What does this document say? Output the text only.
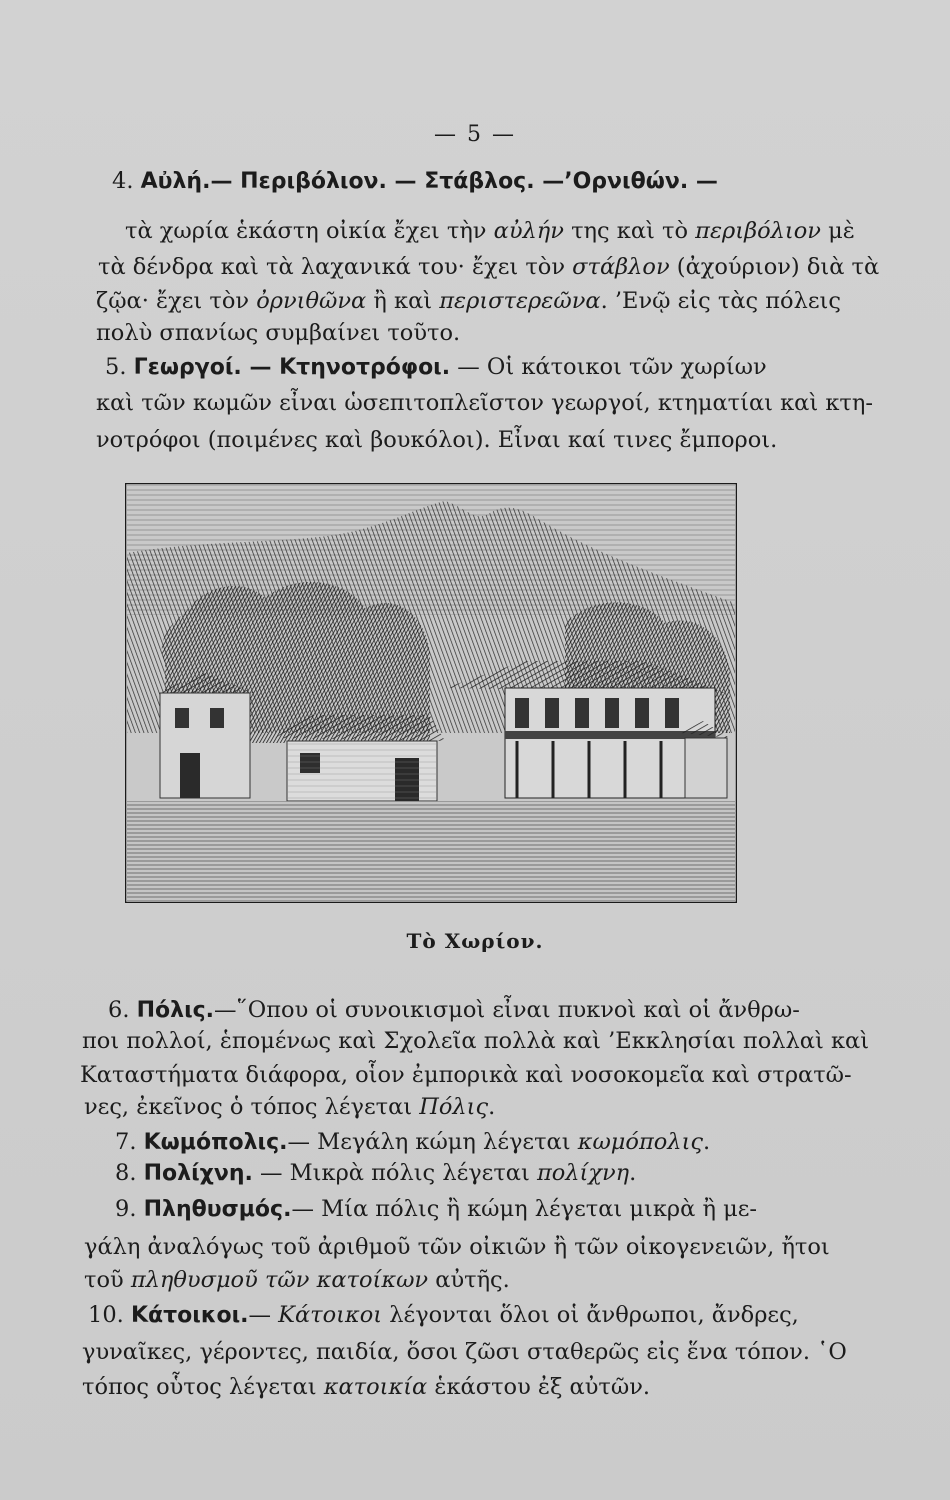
— 5 —
4. Αὐλή.— Περιβόλιον. — Στάβλος. —’Ορνιθών. —
τὰ χωρία ἑκάστη οἰκία ἔχει τὴν αὐλήν της καὶ τὸ περιβόλιον μὲ
τὰ δένδρα καὶ τὰ λαχανικά του· ἔχει τὸν στάβλον (ἀχούριον) διὰ τὰ
ζῷα· ἔχει τὸν ὀρνιθῶνα ἢ καὶ περιστερεῶνα. ’Ενῷ εἰς τὰς πόλεις
πολὺ σπανίως συμβαίνει τοῦτο.
5. Γεωργοί. — Κτηνοτρόφοι. — Οἱ κάτοικοι τῶν χωρίων
καὶ τῶν κωμῶν εἶναι ὡσεπιτοπλεῖστον γεωργοί, κτηματίαι καὶ κτη-
νοτρόφοι (ποιμένες καὶ βουκόλοι). Εἶναι καί τινες ἔμποροι.
Τὸ Χωρίον.
6. Πόλις.—῞Οπου οἱ συνοικισμοὶ εἶναι πυκνοὶ καὶ οἱ ἄνθρω-
ποι πολλοί, ἑπομένως καὶ Σχολεῖα πολλὰ καὶ ’Εκκλησίαι πολλαὶ καὶ
Καταστήματα διάφορα, οἷον ἐμπορικὰ καὶ νοσοκομεῖα καὶ στρατῶ-
νες, ἐκεῖνος ὁ τόπος λέγεται Πόλις.
7. Κωμόπολις.— Μεγάλη κώμη λέγεται κωμόπολις.
8. Πολίχνη. — Μικρὰ πόλις λέγεται πολίχνη.
9. Πληθυσμός.— Μία πόλις ἢ κώμη λέγεται μικρὰ ἢ με-
γάλη ἀναλόγως τοῦ ἀριθμοῦ τῶν οἰκιῶν ἢ τῶν οἰκογενειῶν, ἤτοι
τοῦ πληθυσμοῦ τῶν κατοίκων αὐτῆς.
10. Κάτοικοι.— Κάτοικοι λέγονται ὅλοι οἱ ἄνθρωποι, ἄνδρες,
γυναῖκες, γέροντες, παιδία, ὅσοι ζῶσι σταθερῶς εἰς ἕνα τόπον. ῾Ο
τόπος οὗτος λέγεται κατοικία ἑκάστου ἐξ αὐτῶν.
